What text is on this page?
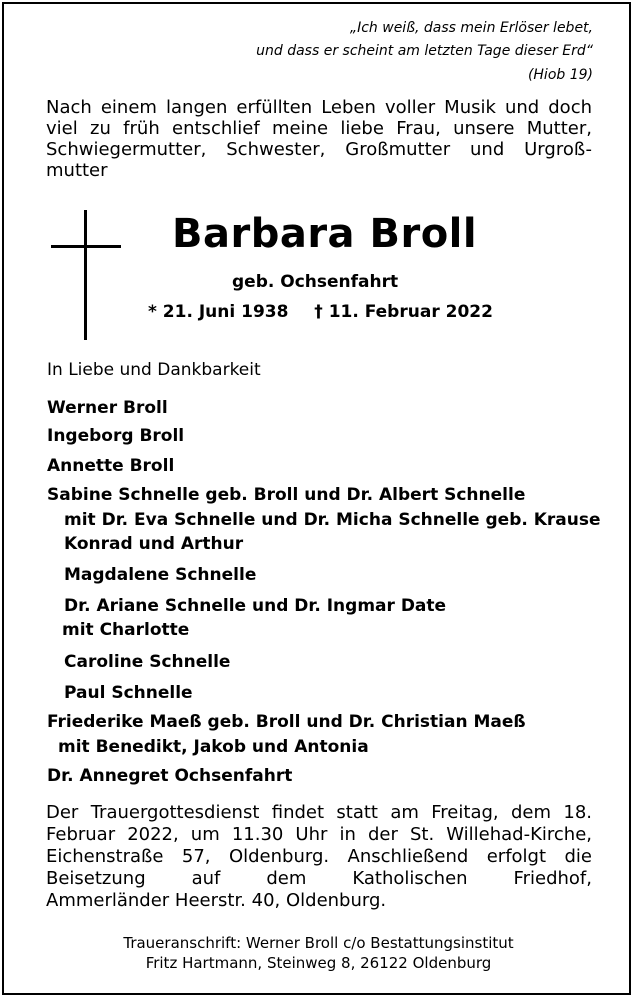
„Ich weiß, dass mein Erlöser lebet,
und dass er scheint am letzten Tage dieser Erd“
(Hiob 19)
Nach einem langen erfüllten Leben voller Musik und doch
viel zu früh entschlief meine liebe Frau, unsere Mutter,
Schwiegermutter, Schwester, Großmutter und Urgroß-
mutter
Barbara Broll
geb. Ochsenfahrt
* 21. Juni 1938 † 11. Februar 2022
In Liebe und Dankbarkeit
Werner Broll
Ingeborg Broll
Annette Broll
Sabine Schnelle geb. Broll und Dr. Albert Schnelle
mit Dr. Eva Schnelle und Dr. Micha Schnelle geb. Krause
Konrad und Arthur
Magdalene Schnelle
Dr. Ariane Schnelle und Dr. Ingmar Date
mit Charlotte
Caroline Schnelle
Paul Schnelle
Friederike Maeß geb. Broll und Dr. Christian Maeß
mit Benedikt, Jakob und Antonia
Dr. Annegret Ochsenfahrt
Der Trauergottesdienst findet statt am Freitag, dem 18.
Februar 2022, um 11.30 Uhr in der St. Willehad-Kirche,
Eichenstraße 57, Oldenburg. Anschließend erfolgt die
Beisetzung auf dem Katholischen Friedhof,
Ammerländer Heerstr. 40, Oldenburg.
Traueranschrift: Werner Broll c/o Bestattungsinstitut
Fritz Hartmann, Steinweg 8, 26122 Oldenburg
